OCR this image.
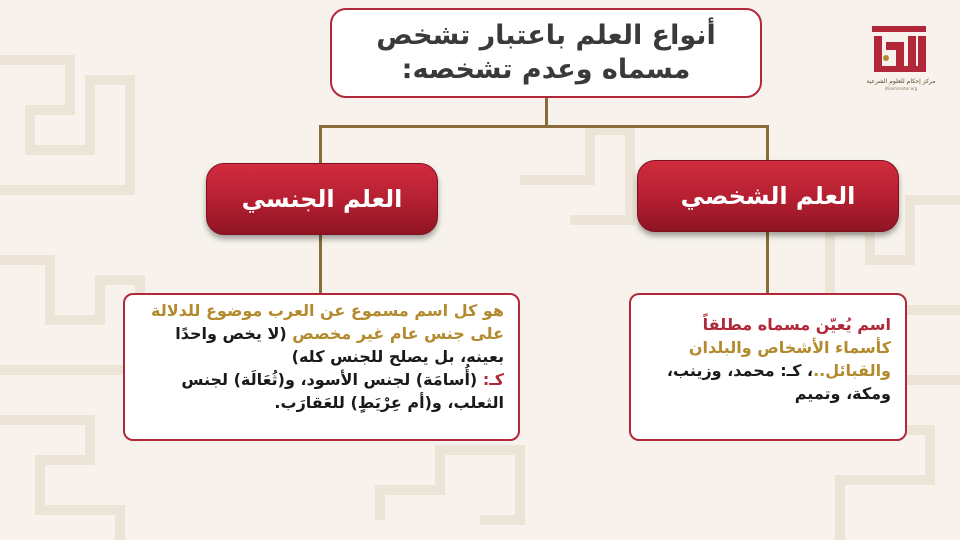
أنواع العلم باعتبار تشخص
مسماه وعدم تشخصه:
العلم الجنسي	العلم الشخصي
هو كل اسم مسموع عن العرب موضوع للدلالة
على جنس عام غير مخصص (لا يخص واحدًا
بعينه، بل يصلح للجنس كله)
كـ: (أُسامَة) لجنس الأسود، و(ثُعَالَة) لجنس
الثعلب، و(أم عِرْيَطٍ) للعَقارَب.
اسم يُعيّن مسماه مطلقاً
كأسماء الأشخاص والبلدان
والقبائل..، كـ: محمد، وزينب،
ومكة، وتميم
مركز إحكام للعلوم الشرعية
ihkamcenter.org
